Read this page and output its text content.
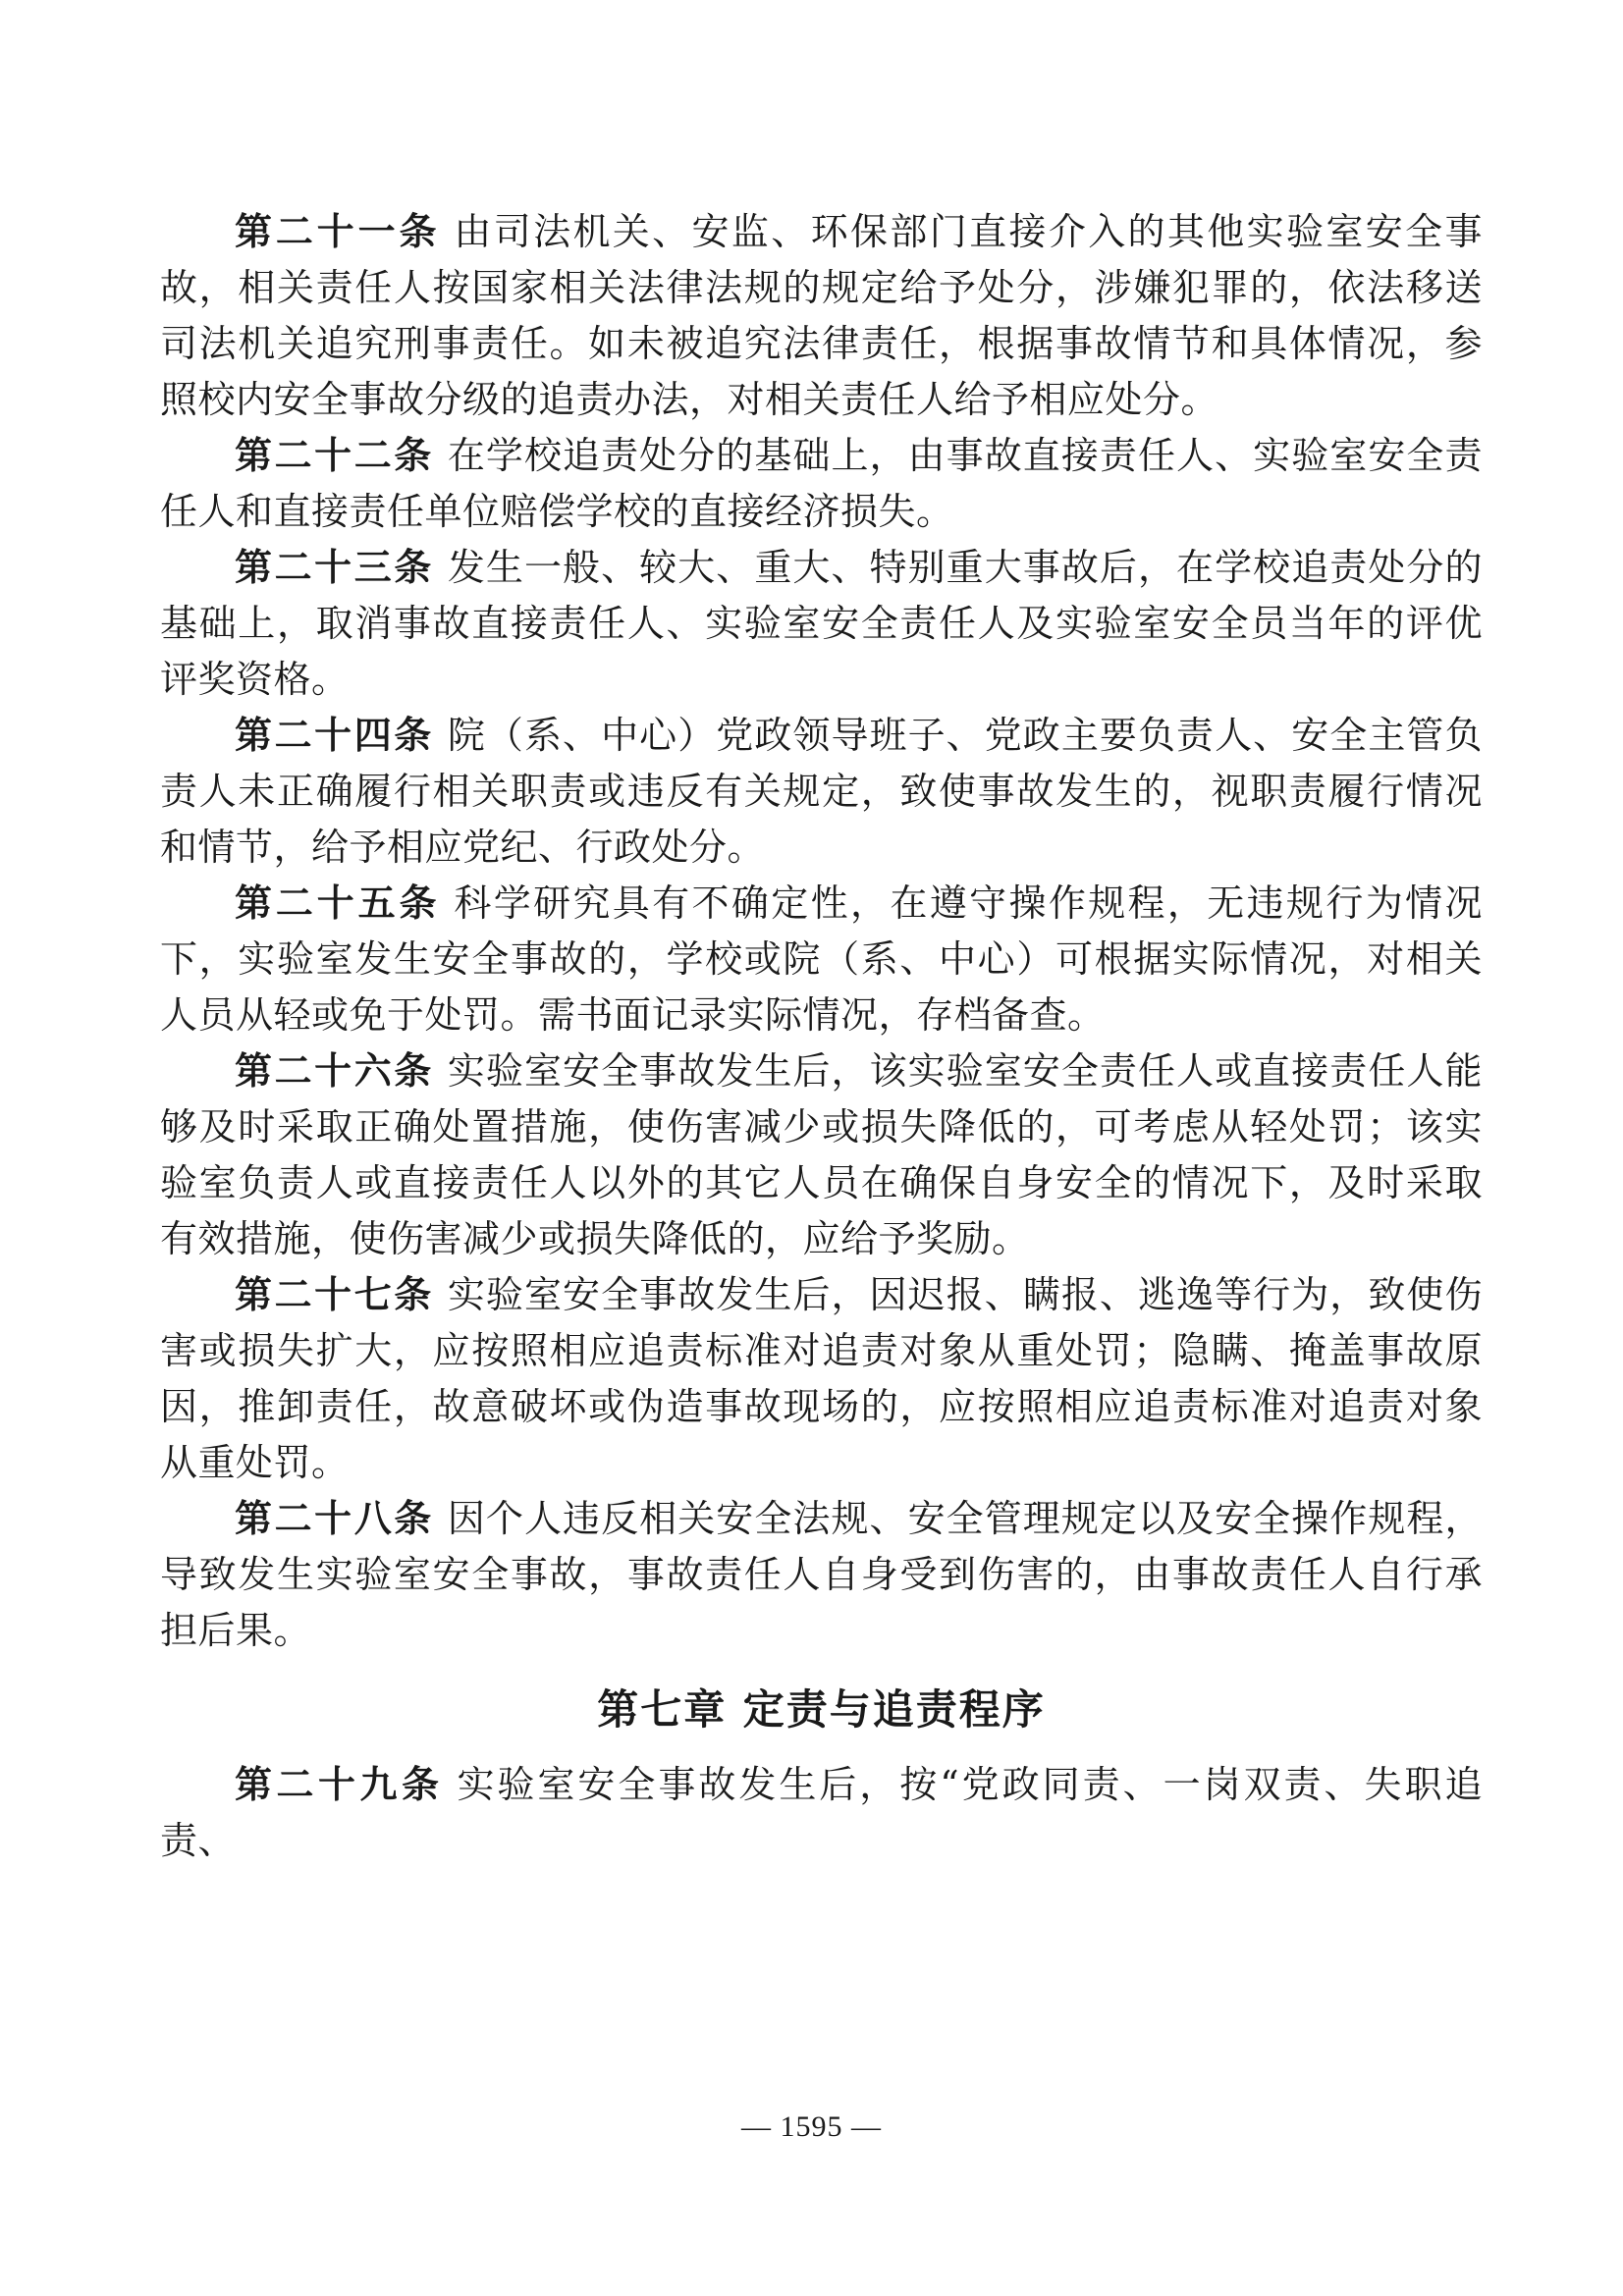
第二十一条 由司法机关、安监、环保部门直接介入的其他实验室安全事故，相关责任人按国家相关法律法规的规定给予处分，涉嫌犯罪的，依法移送司法机关追究刑事责任。如未被追究法律责任，根据事故情节和具体情况，参照校内安全事故分级的追责办法，对相关责任人给予相应处分。

第二十二条 在学校追责处分的基础上，由事故直接责任人、实验室安全责任人和直接责任单位赔偿学校的直接经济损失。

第二十三条 发生一般、较大、重大、特别重大事故后，在学校追责处分的基础上，取消事故直接责任人、实验室安全责任人及实验室安全员当年的评优评奖资格。

第二十四条 院（系、中心）党政领导班子、党政主要负责人、安全主管负责人未正确履行相关职责或违反有关规定，致使事故发生的，视职责履行情况和情节，给予相应党纪、行政处分。

第二十五条 科学研究具有不确定性，在遵守操作规程，无违规行为情况下，实验室发生安全事故的，学校或院（系、中心）可根据实际情况，对相关人员从轻或免于处罚。需书面记录实际情况，存档备查。

第二十六条 实验室安全事故发生后，该实验室安全责任人或直接责任人能够及时采取正确处置措施，使伤害减少或损失降低的，可考虑从轻处罚；该实验室负责人或直接责任人以外的其它人员在确保自身安全的情况下，及时采取有效措施，使伤害减少或损失降低的，应给予奖励。

第二十七条 实验室安全事故发生后，因迟报、瞒报、逃逸等行为，致使伤害或损失扩大，应按照相应追责标准对追责对象从重处罚；隐瞒、掩盖事故原因，推卸责任，故意破坏或伪造事故现场的，应按照相应追责标准对追责对象从重处罚。

第二十八条 因个人违反相关安全法规、安全管理规定以及安全操作规程，导致发生实验室安全事故，事故责任人自身受到伤害的，由事故责任人自行承担后果。

第七章 定责与追责程序

第二十九条 实验室安全事故发生后，按“党政同责、一岗双责、失职追责、

— 1595 —
